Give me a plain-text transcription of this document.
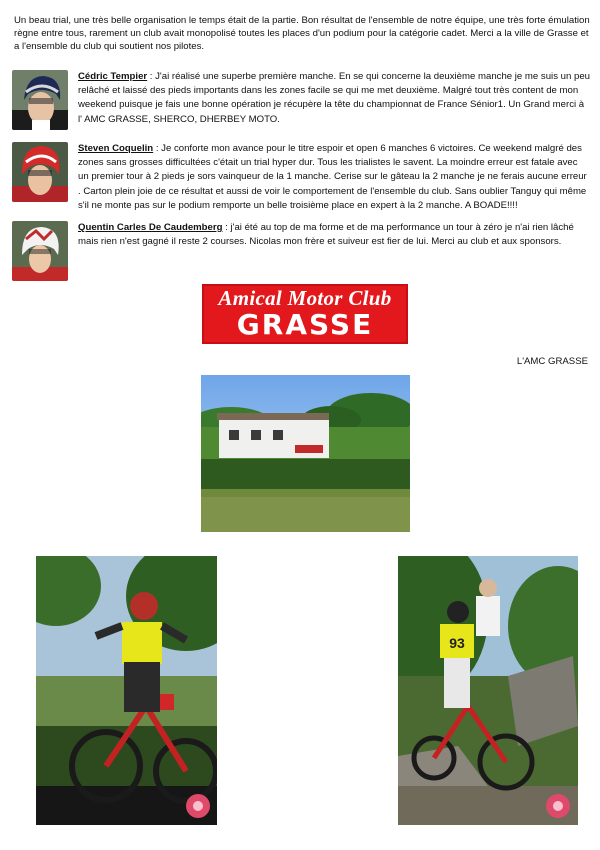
Un beau trial, une très belle organisation le temps était de la partie. Bon résultat de l'ensemble de notre équipe, une très forte émulation règne entre tous, rarement un club avait monopolisé toutes les places d'un podium pour la catégorie cadet. Merci a la ville de Grasse et a l'ensemble du club qui soutient nos pilotes.

Cédric Tempier : J'ai réalisé une superbe première manche. En se qui concerne la deuxième manche je me suis un peu relâché et laissé des pieds importants dans les zones facile se qui me met deuxième. Malgré tout très content de mon weekend puisque je fais une bonne opération je récupère la tête du championnat de France Sénior1. Un Grand merci à l' AMC GRASSE, SHERCO, DHERBEY MOTO.

Steven Coquelin : Je conforte mon avance pour le titre espoir et open 6 manches 6 victoires. Ce weekend malgré des zones sans grosses difficultées c'était un trial hyper dur. Tous les trialistes le savent. La moindre erreur est fatale avec un premier tour à 2 pieds je sors vainqueur de la 1 manche. Cerise sur le gâteau la 2 manche je ne ferais aucune erreur . Carton plein joie de ce résultat et aussi de voir le comportement de l'ensemble du club. Sans oublier Tanguy qui même s'il ne monte pas sur le podium remporte un belle troisième place en expert à la 2 manche. A BOADE!!!!

Quentin Carles De Caudemberg : j'ai été au top de ma forme et de ma performance un tour à zéro je n'ai rien lâché mais rien n'est gagné il reste 2 courses. Nicolas mon frère et suiveur est fier de lui. Merci au club et aux sponsors.

Amical Motor Club
GRASSE

L'AMC GRASSE

93
